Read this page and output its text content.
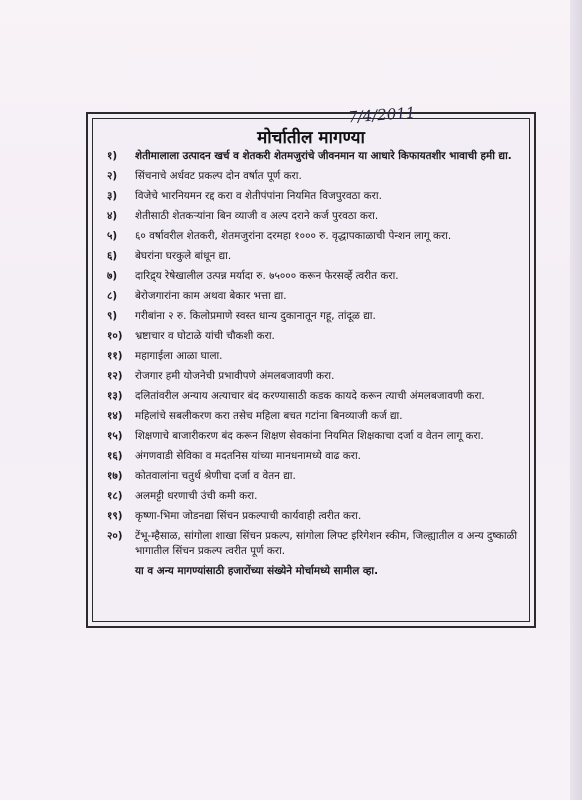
मोर्चातील मागण्या
१)	शेतीमालाला उत्पादन खर्च व शेतकरी शेतमजुरांचे जीवनमान या आधारे किफायतशीर भावाची हमी द्या.
२)	सिंचनाचे अर्धवट प्रकल्प दोन वर्षात पूर्ण करा.
३)	विजेचे भारनियमन रद्द करा व शेतीपंपांना नियमित विजपुरवठा करा.
४)	शेतीसाठी शेतकऱ्यांना बिन व्याजी व अल्प दराने कर्ज पुरवठा करा.
५)	६० वर्षावरील शेतकरी, शेतमजुरांना दरमहा १००० रु. वृद्धापकाळाची पेन्शन लागू करा.
६)	बेघरांना घरकुले बांधून द्या.
७)	दारिद्र्य रेषेखालील उत्पन्न मर्यादा रु. ७५००० करून फेरसर्व्हे त्वरीत करा.
८)	बेरोजगारांना काम अथवा बेकार भत्ता द्या.
९)	गरीबांना २ रु. किलोप्रमाणे स्वस्त धान्य दुकानातून गहू, तांदूळ द्या.
१०)	भ्रष्टाचार व घोटाळे यांची चौकशी करा.
११)	महागाईला आळा घाला.
१२)	रोजगार हमी योजनेची प्रभावीपणे अंमलबजावणी करा.
१३)	दलितांवरील अन्याय अत्याचार बंद करण्यासाठी कडक कायदे करून त्याची अंमलबजावणी करा.
१४)	महिलांचे सबलीकरण करा तसेच महिला बचत गटांना बिनव्याजी कर्ज द्या.
१५)	शिक्षणाचे बाजारीकरण बंद करून शिक्षण सेवकांना नियमित शिक्षकाचा दर्जा व वेतन लागू करा.
१६)	अंगणवाडी सेविका व मदतनिस यांच्या मानधनामध्ये वाढ करा.
१७)	कोतवालांना चतुर्थ श्रेणीचा दर्जा व वेतन द्या.
१८)	अलमट्टी धरणाची उंची कमी करा.
१९)	कृष्णा-भिमा जोडनद्या सिंचन प्रकल्पाची कार्यवाही त्वरीत करा.
२०)	टेंभू-म्हैसाळ, सांगोला शाखा सिंचन प्रकल्प, सांगोला लिफ्ट इरिगेशन स्कीम, जिल्ह्यातील व अन्य दुष्काळी भागातील सिंचन प्रकल्प त्वरीत पूर्ण करा.
या व अन्य मागण्यांसाठी हजारोंच्या संख्येने मोर्चामध्ये सामील व्हा.
7/4/2011
